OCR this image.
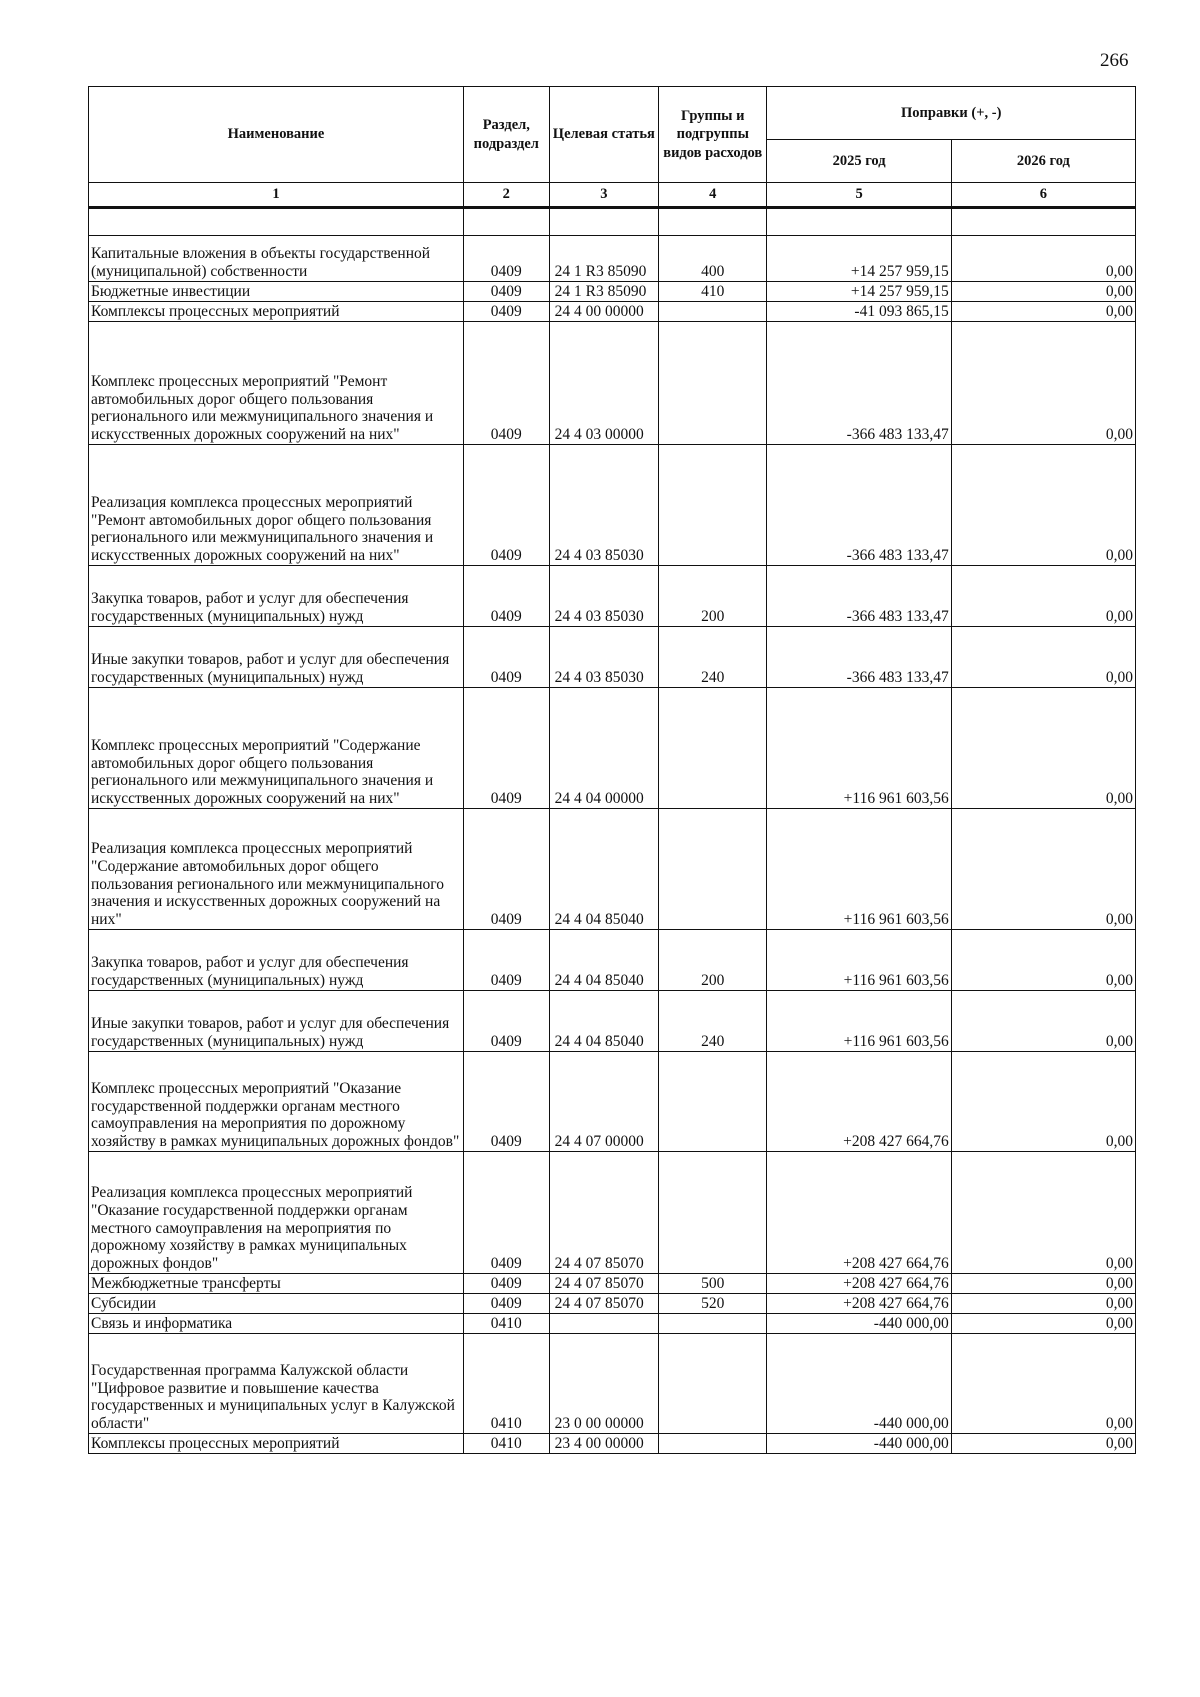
266
Наименование	Раздел, подраздел	Целевая статья	Группы и подгруппы видов расходов	Поправки (+, -)	
				2025 год	2026 год
1	2	3	4	5	6

Капитальные вложения в объекты государственной (муниципальной) собственности	0409	24 1 R3 85090	400	+14 257 959,15	0,00
Бюджетные инвестиции	0409	24 1 R3 85090	410	+14 257 959,15	0,00
Комплексы процессных мероприятий	0409	24 4 00 00000		-41 093 865,15	0,00
Комплекс процессных мероприятий "Ремонт автомобильных дорог общего пользования регионального или межмуниципального значения и искусственных дорожных сооружений на них"	0409	24 4 03 00000		-366 483 133,47	0,00
Реализация комплекса процессных мероприятий "Ремонт автомобильных дорог общего пользования регионального или межмуниципального значения и искусственных дорожных сооружений на них"	0409	24 4 03 85030		-366 483 133,47	0,00
Закупка товаров, работ и услуг для обеспечения государственных (муниципальных) нужд	0409	24 4 03 85030	200	-366 483 133,47	0,00
Иные закупки товаров, работ и услуг для обеспечения государственных (муниципальных) нужд	0409	24 4 03 85030	240	-366 483 133,47	0,00
Комплекс процессных мероприятий "Содержание автомобильных дорог общего пользования регионального или межмуниципального значения и искусственных дорожных сооружений на них"	0409	24 4 04 00000		+116 961 603,56	0,00
Реализация комплекса процессных мероприятий "Содержание автомобильных дорог общего пользования регионального или межмуниципального значения и искусственных дорожных сооружений на них"	0409	24 4 04 85040		+116 961 603,56	0,00
Закупка товаров, работ и услуг для обеспечения государственных (муниципальных) нужд	0409	24 4 04 85040	200	+116 961 603,56	0,00
Иные закупки товаров, работ и услуг для обеспечения государственных (муниципальных) нужд	0409	24 4 04 85040	240	+116 961 603,56	0,00
Комплекс процессных мероприятий "Оказание государственной поддержки органам местного самоуправления на мероприятия по дорожному хозяйству в рамках муниципальных дорожных фондов"	0409	24 4 07 00000		+208 427 664,76	0,00
Реализация комплекса процессных мероприятий "Оказание государственной поддержки органам местного самоуправления на мероприятия по дорожному хозяйству в рамках муниципальных дорожных фондов"	0409	24 4 07 85070		+208 427 664,76	0,00
Межбюджетные трансферты	0409	24 4 07 85070	500	+208 427 664,76	0,00
Субсидии	0409	24 4 07 85070	520	+208 427 664,76	0,00
Связь и информатика	0410			-440 000,00	0,00
Государственная программа Калужской области "Цифровое развитие и повышение качества государственных и муниципальных услуг в Калужской области"	0410	23 0 00 00000		-440 000,00	0,00
Комплексы процессных мероприятий	0410	23 4 00 00000		-440 000,00	0,00
